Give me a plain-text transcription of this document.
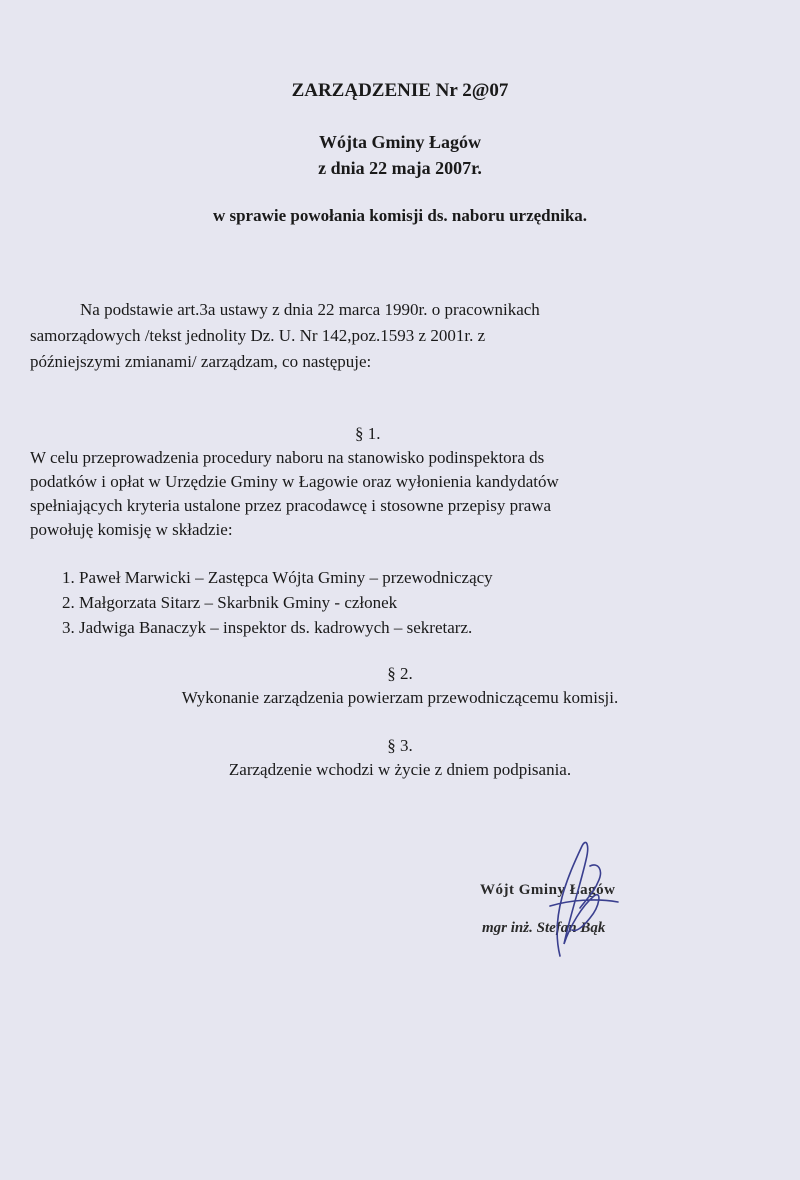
ZARZĄDZENIE Nr 2@07
Wójta Gminy Łagów
z dnia 22 maja 2007r.
w sprawie powołania komisji ds. naboru urzędnika.
Na podstawie art.3a ustawy z dnia 22 marca 1990r. o pracownikach
samorządowych /tekst jednolity Dz. U. Nr 142,poz.1593 z 2001r. z
późniejszymi zmianami/ zarządzam, co następuje:
§ 1.
W celu przeprowadzenia procedury naboru na stanowisko podinspektora ds
podatków i opłat w Urzędzie Gminy w Łagowie oraz wyłonienia kandydatów
spełniających kryteria ustalone przez pracodawcę i stosowne przepisy prawa
powołuję komisję w składzie:
1. Paweł Marwicki – Zastępca Wójta Gminy – przewodniczący
2. Małgorzata Sitarz – Skarbnik Gminy - członek
3. Jadwiga Banaczyk – inspektor ds. kadrowych – sekretarz.
§ 2.
Wykonanie zarządzenia powierzam przewodniczącemu komisji.
§ 3.
Zarządzenie wchodzi w życie z dniem podpisania.
Wójt Gminy Łagów
mgr inż. Stefan Bąk
